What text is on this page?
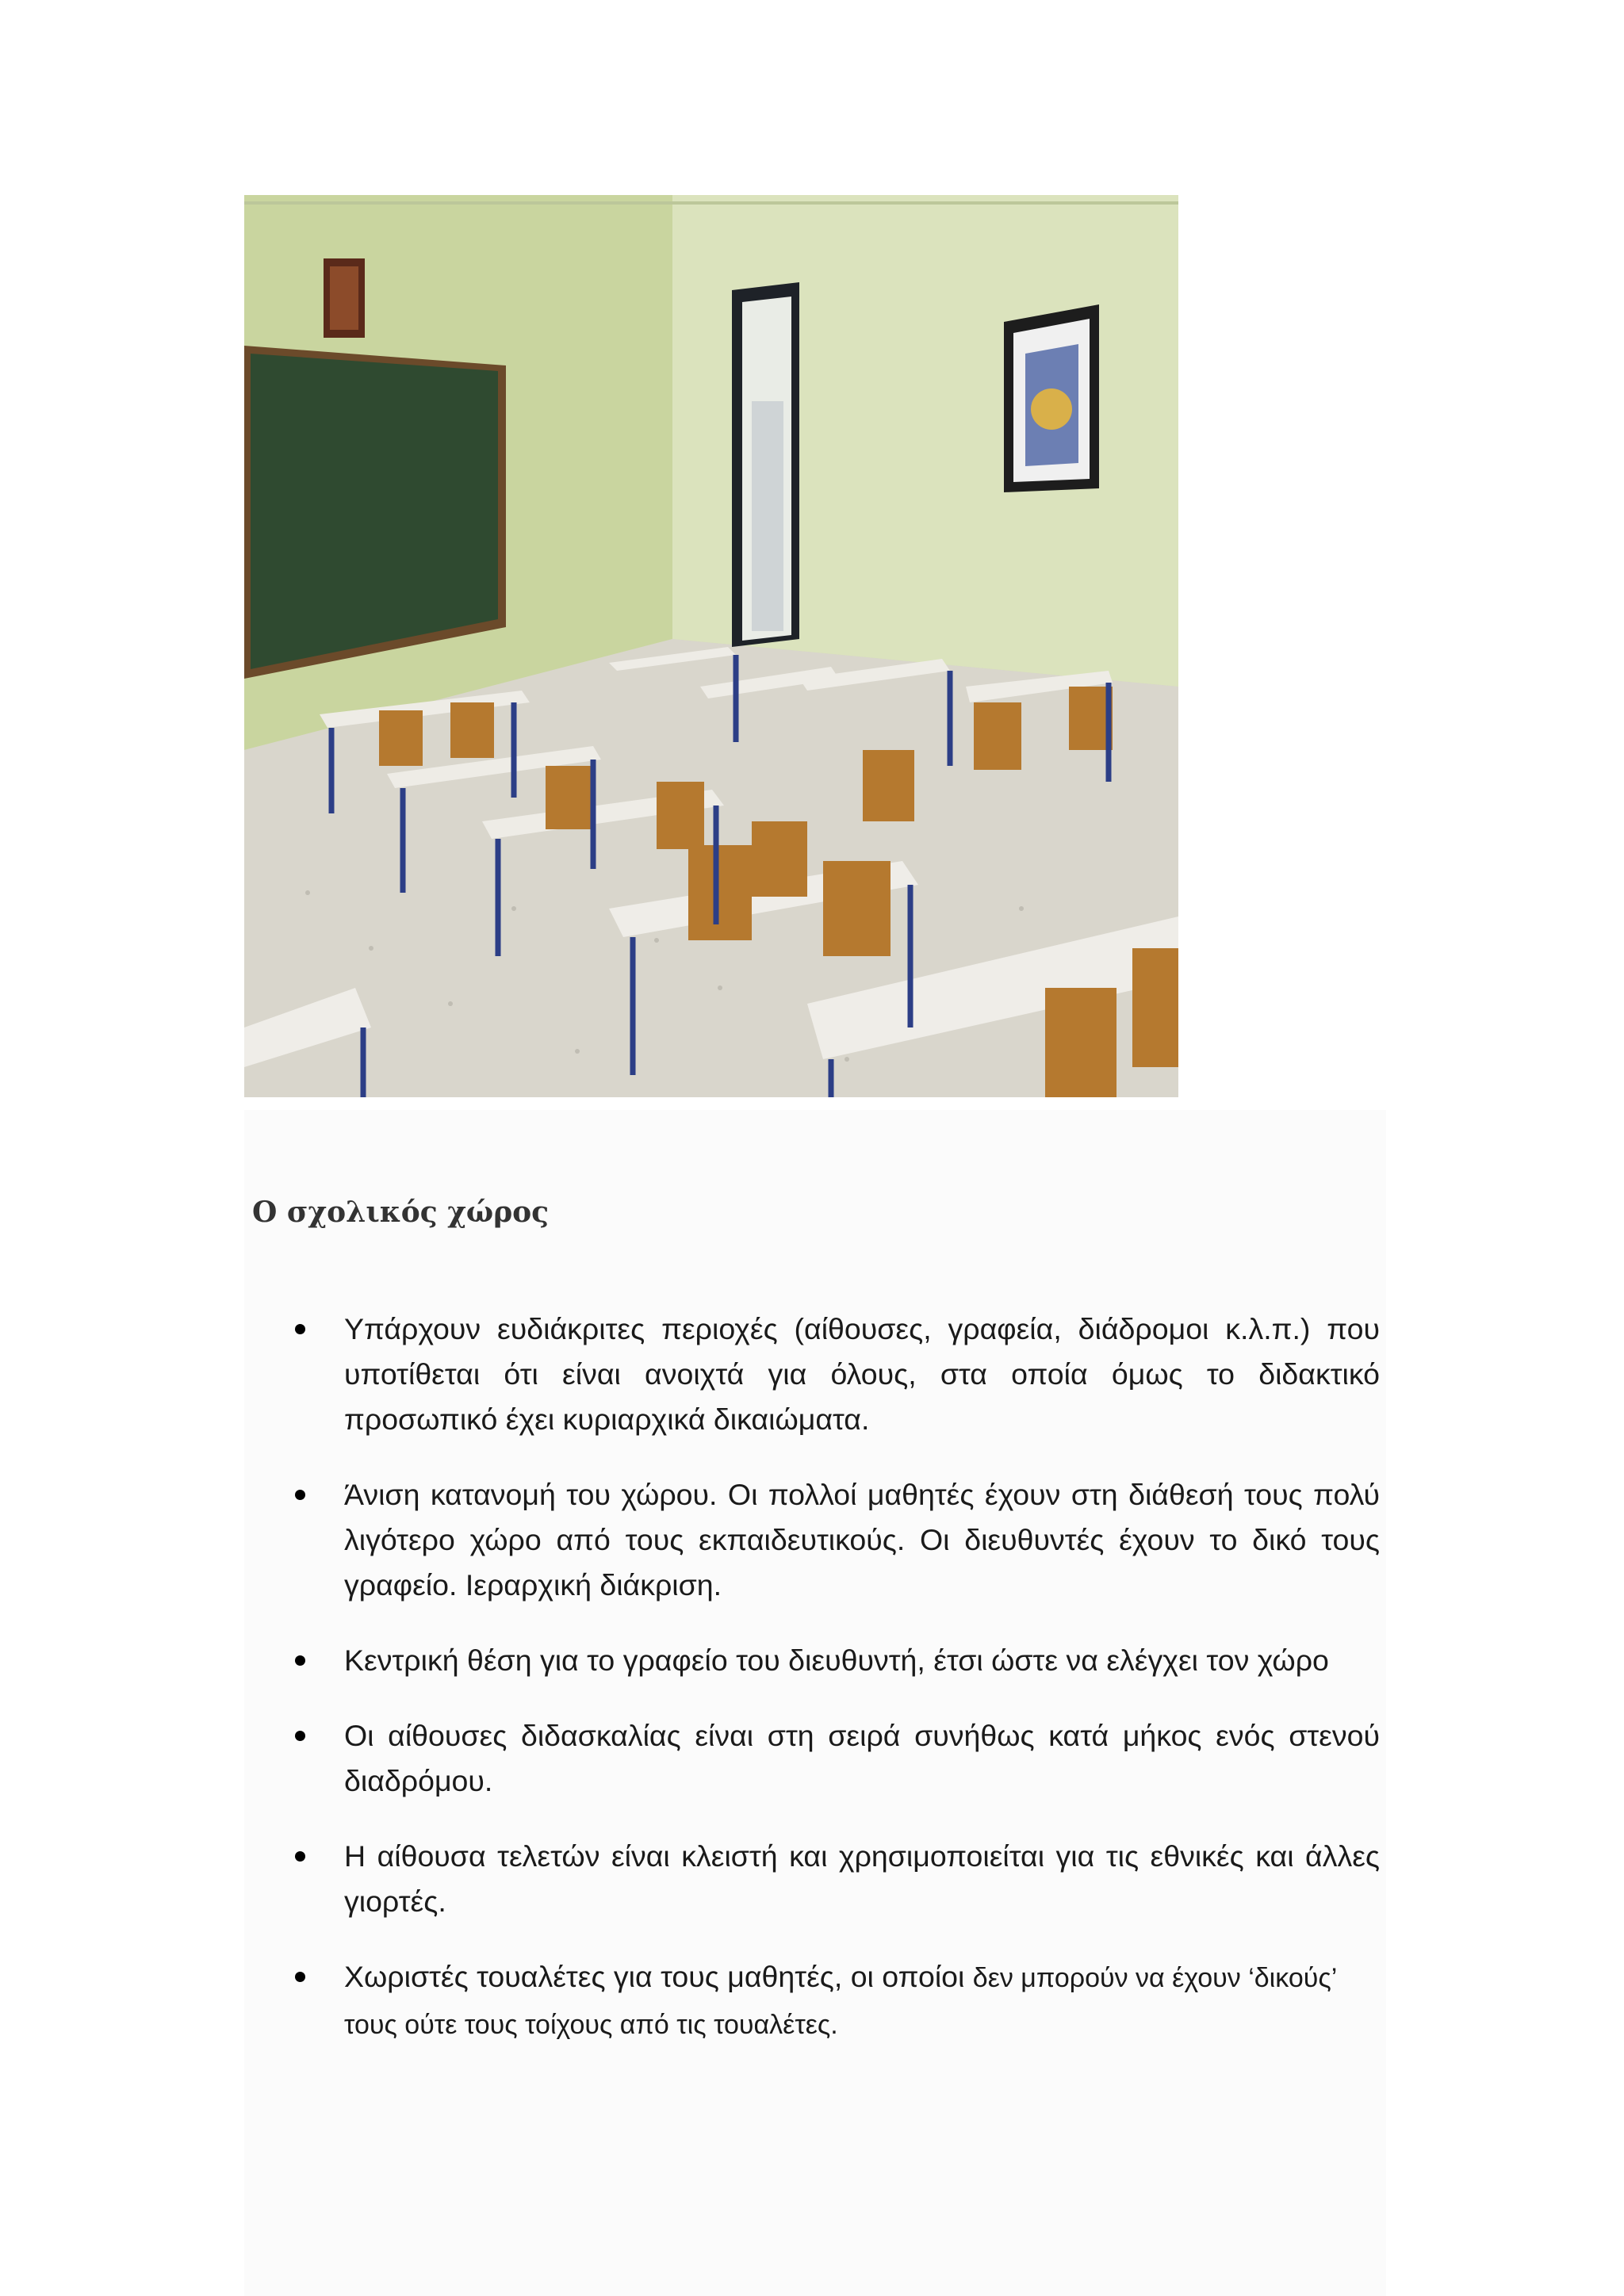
Ο σχολικός χώρος
Υπάρχουν ευδιάκριτες περιοχές (αίθουσες, γραφεία, διάδρομοι κ.λ.π.) που υποτίθεται ότι είναι ανοιχτά για όλους, στα οποία όμως το διδακτικό προσωπικό έχει κυριαρχικά δικαιώματα.
Άνιση κατανομή του χώρου. Οι πολλοί μαθητές έχουν στη διάθεσή τους πολύ λιγότερο χώρο από τους εκπαιδευτικούς. Οι διευθυντές έχουν το δικό τους γραφείο. Ιεραρχική διάκριση.
Κεντρική θέση για το γραφείο του διευθυντή, έτσι ώστε να ελέγχει τον χώρο
Οι αίθουσες διδασκαλίας είναι στη σειρά συνήθως κατά μήκος ενός στενού διαδρόμου.
Η αίθουσα τελετών είναι κλειστή και χρησιμοποιείται για τις εθνικές και άλλες γιορτές.
Χωριστές τουαλέτες για τους μαθητές, οι οποίοι δεν μπορούν να έχουν ‘δικούς’ τους ούτε τους τοίχους από τις τουαλέτες.
